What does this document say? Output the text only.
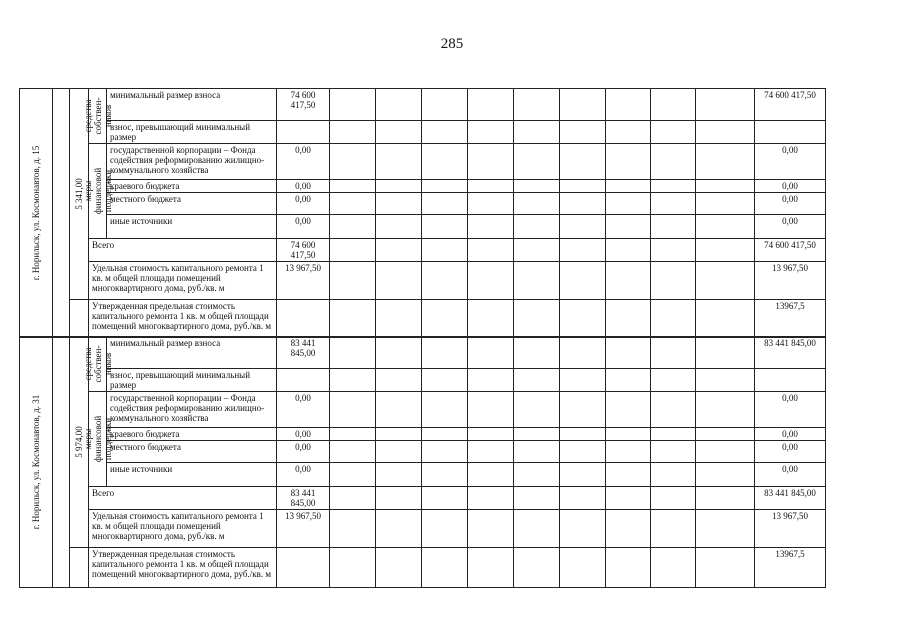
285
г. Норильск, ул. Космонавтов, д. 15		5 341,00	средства собствен-ников	минимальный размер взноса	74 600 417,50										74 600 417,50
				взнос, превышающий минимальный размер											

			меры финансовой поддержки	государственной корпорации – Фонда содействия реформированию жилищно-коммунального хозяйства	0,00										0,00
				краевого бюджета	0,00										0,00
				местного бюджета	0,00										0,00
				иные источники	0,00										0,00
			Всего		74 600 417,50										74 600 417,50
			Удельная стоимость капитального ремонта 1 кв. м общей площади помещений многоквартирного дома, руб./кв. м		13 967,50										13 967,50
			Утвержденная предельная стоимость капитального ремонта 1 кв. м общей площади помещений многоквартирного дома, руб./кв. м												13967,5
г. Норильск, ул. Космонавтов, д. 31		5 974,00	средства собствен-ников	минимальный размер взноса	83 441 845,00										83 441 845,00
				взнос, превышающий минимальный размер											

			меры финансовой поддержки	государственной корпорации – Фонда содействия реформированию жилищно-коммунального хозяйства	0,00										0,00
				краевого бюджета	0,00										0,00
				местного бюджета	0,00										0,00
				иные источники	0,00										0,00
			Всего		83 441 845,00										83 441 845,00
			Удельная стоимость капитального ремонта 1 кв. м общей площади помещений многоквартирного дома, руб./кв. м		13 967,50										13 967,50
			Утвержденная предельная стоимость капитального ремонта 1 кв. м общей площади помещений многоквартирного дома, руб./кв. м												13967,5
